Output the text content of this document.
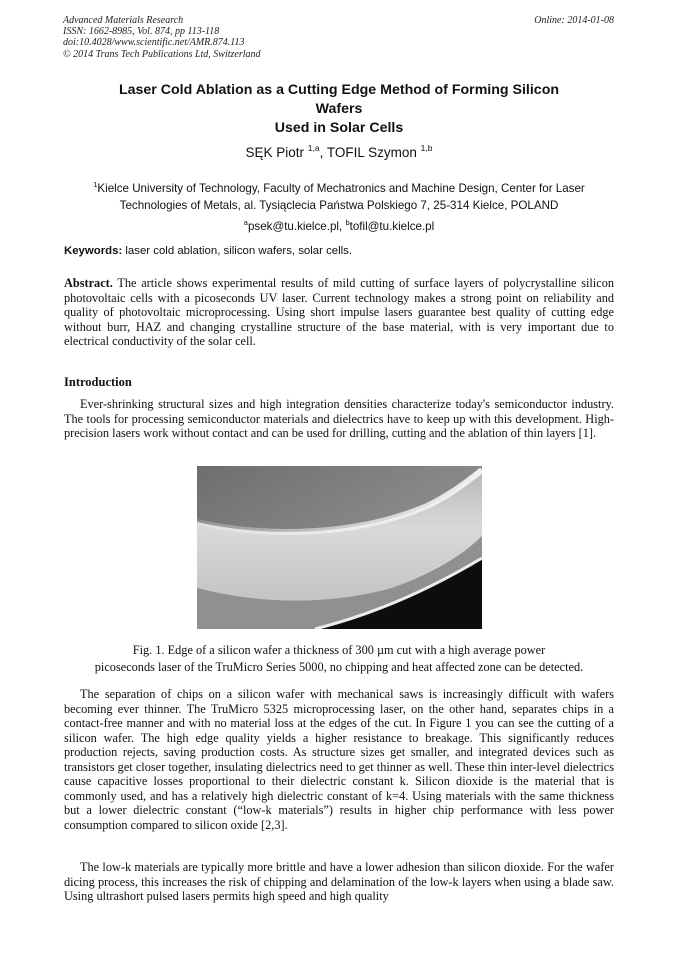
Advanced Materials Research
ISSN: 1662-8985, Vol. 874, pp 113-118
doi:10.4028/www.scientific.net/AMR.874.113
© 2014 Trans Tech Publications Ltd, Switzerland
Online: 2014-01-08
Laser Cold Ablation as a Cutting Edge Method of Forming Silicon
Wafers
Used in Solar Cells
SĘK Piotr $^{1,a}$, TOFIL Szymon $^{1,b}$
$^1$Kielce University of Technology, Faculty of Mechatronics and Machine Design, Center for Laser
Technologies of Metals, al. Tysiąclecia Państwa Polskiego 7, 25-314 Kielce, POLAND
$^a$psek@tu.kielce.pl, $^b$tofil@tu.kielce.pl
Keywords: laser cold ablation, silicon wafers, solar cells.
Abstract. The article shows experimental results of mild cutting of surface layers of polycrystalline silicon photovoltaic cells with a picoseconds UV laser. Current technology makes a strong point on reliability and quality of photovoltaic microprocessing. Using short impulse lasers guarantee best quality of cutting edge without burr, HAZ and changing crystalline structure of the base material, with is very important due to electrical conductivity of the solar cell.
Introduction
Ever-shrinking structural sizes and high integration densities characterize today's semiconductor industry. The tools for processing semiconductor materials and dielectrics have to keep up with this development. High-precision lasers work without contact and can be used for drilling, cutting and the ablation of thin layers [1].
Fig. 1. Edge of a silicon wafer a thickness of 300 µm cut with a high average power
picoseconds laser of the TruMicro Series 5000, no chipping and heat affected zone can be detected.
The separation of chips on a silicon wafer with mechanical saws is increasingly difficult with wafers becoming ever thinner. The TruMicro 5325 microprocessing laser, on the other hand, separates chips in a contact-free manner and with no material loss at the edges of the cut. In Figure 1 you can see the cutting of a silicon wafer. The high edge quality yields a higher resistance to breakage. This significantly reduces production rejects, saving production costs. As structure sizes get smaller, and integrated devices such as transistors get closer together, insulating dielectrics need to get thinner as well. These thin inter-level dielectrics cause capacitive losses proportional to their dielectric constant k. Silicon dioxide is the material that is commonly used, and has a relatively high dielectric constant of k=4. Using materials with the same thickness but a lower dielectric constant (“low-k materials”) results in higher chip performance with less power consumption compared to silicon oxide [2,3].
The low-k materials are typically more brittle and have a lower adhesion than silicon dioxide. For the wafer dicing process, this increases the risk of chipping and delamination of the low-k layers when using a blade saw. Using ultrashort pulsed lasers permits high speed and high quality
